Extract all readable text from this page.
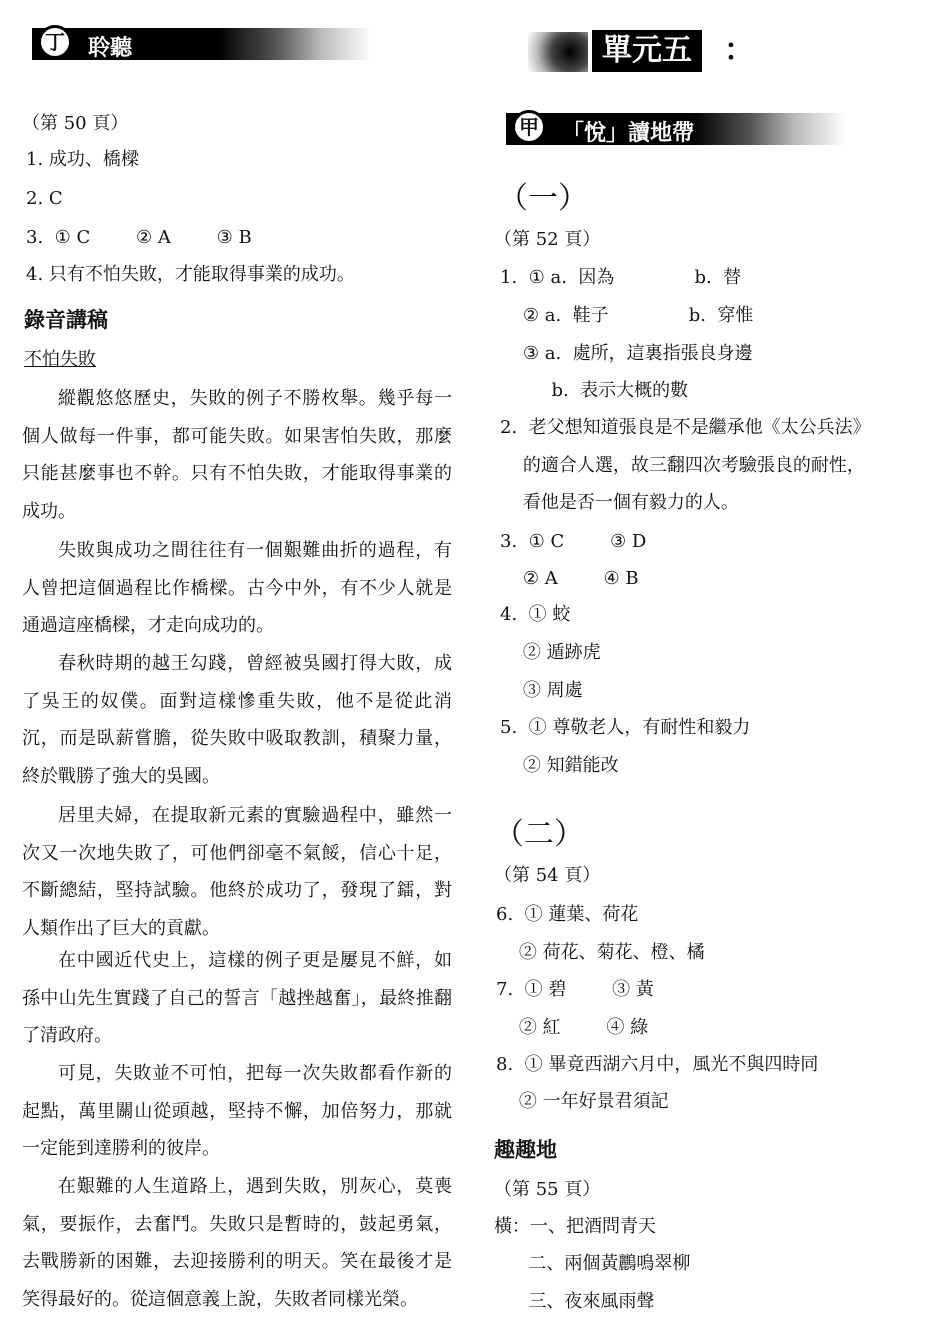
丁	聆聽
（第 50 頁）
1. 成功、橋樑
2. C
3.  ① C        ② A        ③ B
4. 只有不怕失敗，才能取得事業的成功。
錄音講稿
不怕失敗
縱觀悠悠歷史，失敗的例子不勝枚舉。幾乎每一個人做每一件事，都可能失敗。如果害怕失敗，那麼只能甚麼事也不幹。只有不怕失敗，才能取得事業的成功。
失敗與成功之間往往有一個艱難曲折的過程，有人曾把這個過程比作橋樑。古今中外，有不少人就是通過這座橋樑，才走向成功的。
春秋時期的越王勾踐，曾經被吳國打得大敗，成了吳王的奴僕。面對這樣慘重失敗，他不是從此消沉，而是臥薪嘗膽，從失敗中吸取教訓，積聚力量，終於戰勝了強大的吳國。
居里夫婦，在提取新元素的實驗過程中，雖然一次又一次地失敗了，可他們卻毫不氣餒，信心十足，不斷總結，堅持試驗。他終於成功了，發現了鐳，對人類作出了巨大的貢獻。
在中國近代史上，這樣的例子更是屢見不鮮，如孫中山先生實踐了自己的誓言「越挫越奮」，最終推翻了清政府。
可見，失敗並不可怕，把每一次失敗都看作新的起點，萬里關山從頭越，堅持不懈，加倍努力，那就一定能到達勝利的彼岸。
在艱難的人生道路上，遇到失敗，別灰心，莫喪氣，要振作，去奮鬥。失敗只是暫時的，鼓起勇氣，去戰勝新的困難，去迎接勝利的明天。笑在最後才是笑得最好的。從這個意義上說，失敗者同樣光榮。
單元五	：
甲	「悅」讀地帶
（一）
（第 52 頁）
1.  ① a.  因為              b.  替
② a.  鞋子              b.  穿惟
③ a.  處所，這裏指張良身邊
b.  表示大概的數
2.  老父想知道張良是不是繼承他《太公兵法》
的適合人選，故三翻四次考驗張良的耐性，
看他是否一個有毅力的人。
3.  ① C        ③ D
② A        ④ B
4.  ① 蛟
② 遁跡虎
③ 周處
5.  ① 尊敬老人，有耐性和毅力
② 知錯能改
（二）
（第 54 頁）
6.  ① 蓮葉、荷花
② 荷花、菊花、橙、橘
7.  ① 碧        ③ 黃
② 紅        ④ 綠
8.  ① 畢竟西湖六月中，風光不與四時同
② 一年好景君須記
趣趣地
（第 55 頁）
橫：一、把酒問青天
二、兩個黃鸝鳴翠柳
三、夜來風雨聲
